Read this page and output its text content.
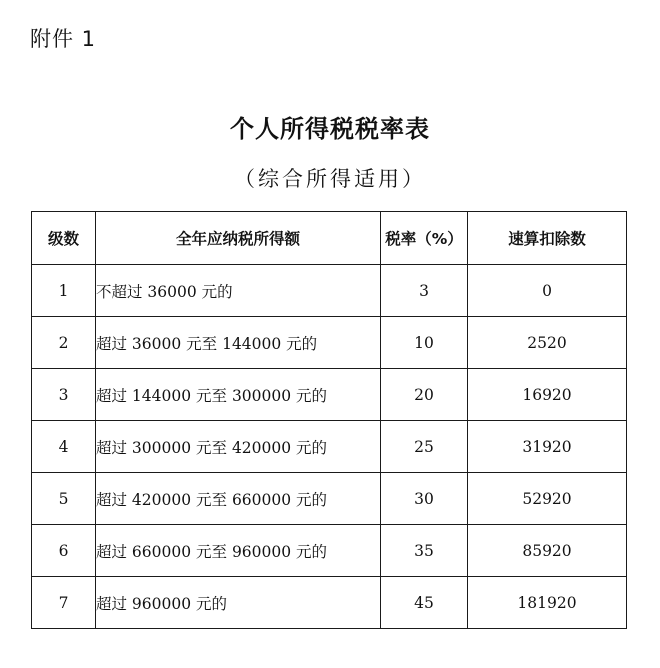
附件 1
个人所得税税率表
（综合所得适用）
级数	全年应纳税所得额	税率（%）	速算扣除数
1	不超过 36000 元的	3	0
2	超过 36000 元至 144000 元的	10	2520
3	超过 144000 元至 300000 元的	20	16920
4	超过 300000 元至 420000 元的	25	31920
5	超过 420000 元至 660000 元的	30	52920
6	超过 660000 元至 960000 元的	35	85920
7	超过 960000 元的	45	181920
